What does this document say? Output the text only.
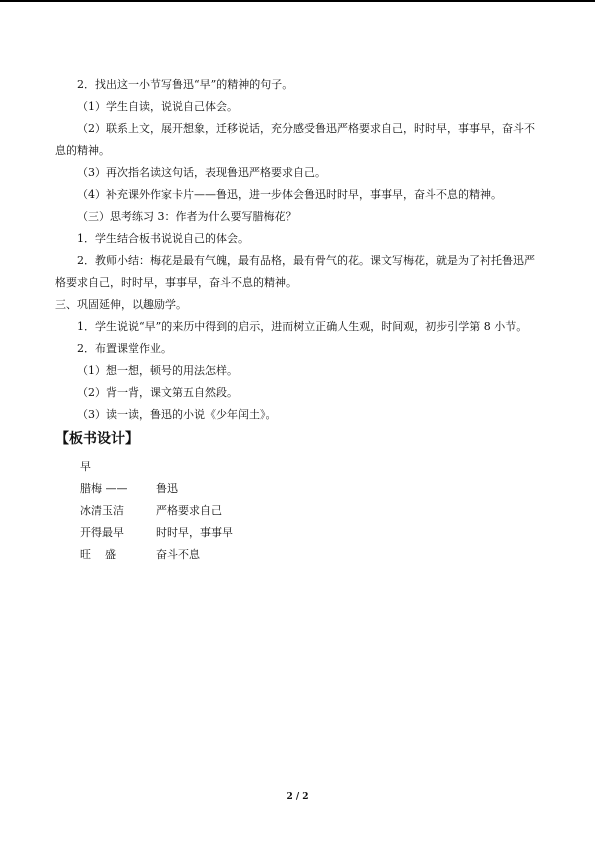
2．找出这一小节写鲁迅“早”的精神的句子。

（1）学生自读，说说自己体会。

（2）联系上文，展开想象，迁移说话，充分感受鲁迅严格要求自己，时时早，事事早，奋斗不息的精神。

（3）再次指名读这句话，表现鲁迅严格要求自己。

（4）补充课外作家卡片——鲁迅，进一步体会鲁迅时时早，事事早，奋斗不息的精神。

（三）思考练习 3：作者为什么要写腊梅花？

1．学生结合板书说说自己的体会。

2．教师小结：梅花是最有气魄，最有品格，最有骨气的花。课文写梅花，就是为了衬托鲁迅严格要求自己，时时早，事事早，奋斗不息的精神。

三、巩固延伸，以趣励学。

1．学生说说“早”的来历中得到的启示，进而树立正确人生观，时间观，初步引学第 8 小节。

2．布置课堂作业。

（1）想一想，顿号的用法怎样。

（2）背一背，课文第五自然段。

（3）读一读，鲁迅的小说《少年闰土》。

【板书设计】

早
腊梅 ——	鲁迅
冰清玉洁	严格要求自己
开得最早	时时早，事事早
旺    盛	奋斗不息
2 / 2
